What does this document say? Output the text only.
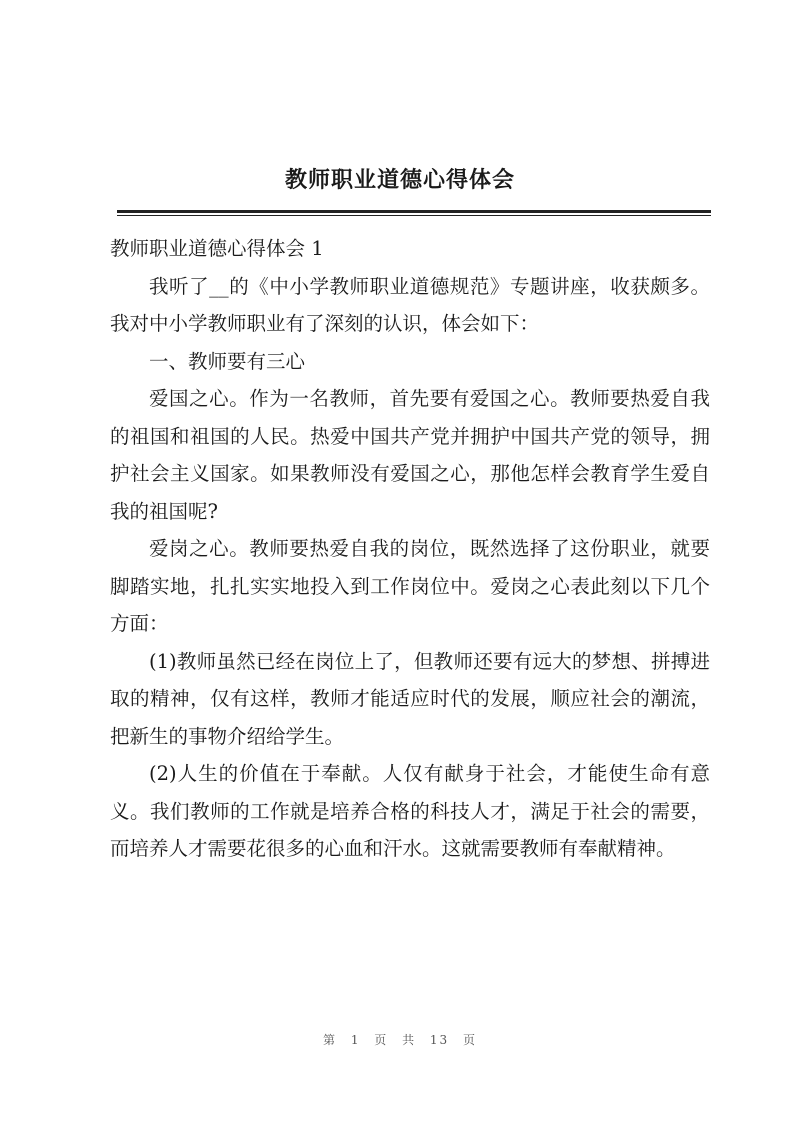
教师职业道德心得体会

教师职业道德心得体会 1

我听了__的《中小学教师职业道德规范》专题讲座，收获颇多。我对中小学教师职业有了深刻的认识，体会如下：

一、教师要有三心

爱国之心。作为一名教师，首先要有爱国之心。教师要热爱自我的祖国和祖国的人民。热爱中国共产党并拥护中国共产党的领导，拥护社会主义国家。如果教师没有爱国之心，那他怎样会教育学生爱自我的祖国呢?

爱岗之心。教师要热爱自我的岗位，既然选择了这份职业，就要脚踏实地，扎扎实实地投入到工作岗位中。爱岗之心表此刻以下几个方面：

(1)教师虽然已经在岗位上了，但教师还要有远大的梦想、拼搏进取的精神，仅有这样，教师才能适应时代的发展，顺应社会的潮流，把新生的事物介绍给学生。

(2)人生的价值在于奉献。人仅有献身于社会，才能使生命有意义。我们教师的工作就是培养合格的科技人才，满足于社会的需要，而培养人才需要花很多的心血和汗水。这就需要教师有奉献精神。

第 1 页 共 13 页
